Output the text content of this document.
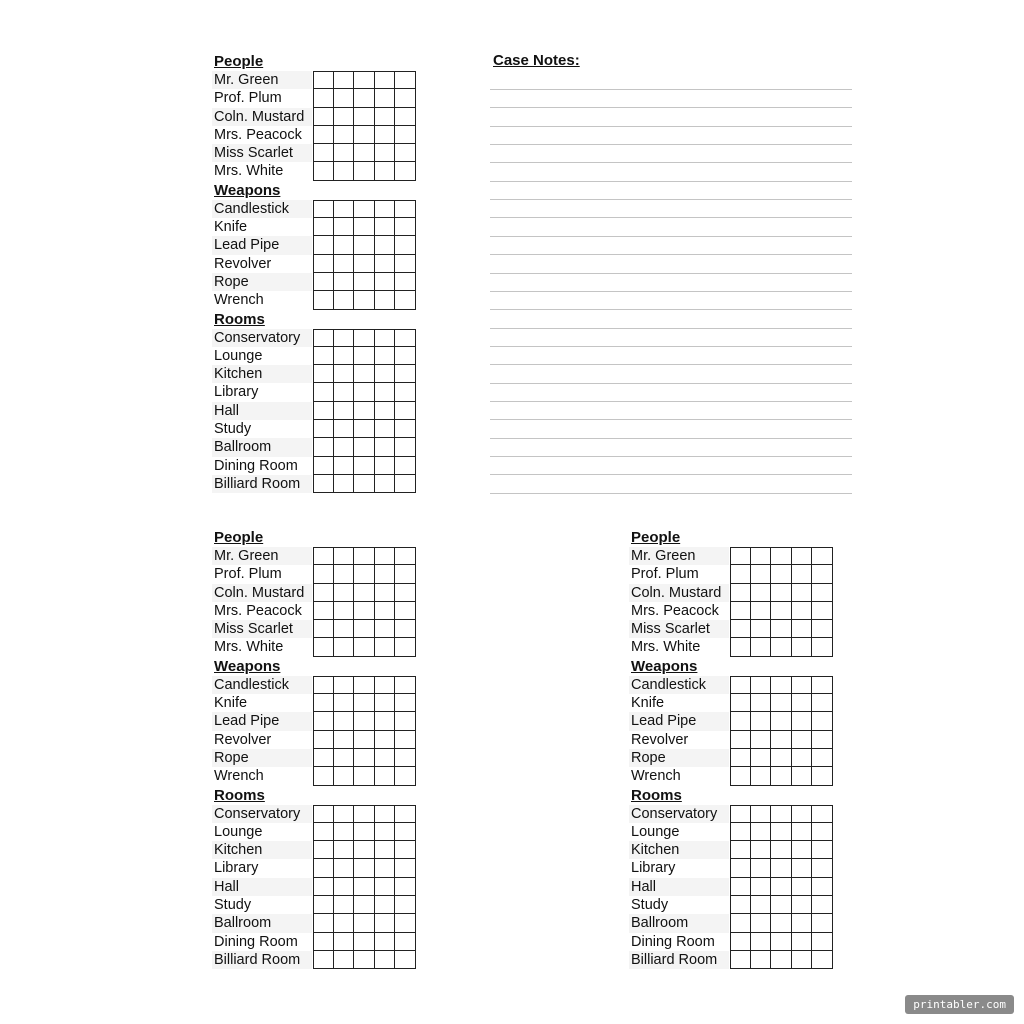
People
Mr. Green
Prof. Plum
Coln. Mustard
Mrs. Peacock
Miss Scarlet
Mrs. White
Weapons
Candlestick
Knife
Lead Pipe
Revolver
Rope
Wrench
Rooms
Conservatory
Lounge
Kitchen
Library
Hall
Study
Ballroom
Dining Room
Billiard Room
People
Mr. Green
Prof. Plum
Coln. Mustard
Mrs. Peacock
Miss Scarlet
Mrs. White
Weapons
Candlestick
Knife
Lead Pipe
Revolver
Rope
Wrench
Rooms
Conservatory
Lounge
Kitchen
Library
Hall
Study
Ballroom
Dining Room
Billiard Room
People
Mr. Green
Prof. Plum
Coln. Mustard
Mrs. Peacock
Miss Scarlet
Mrs. White
Weapons
Candlestick
Knife
Lead Pipe
Revolver
Rope
Wrench
Rooms
Conservatory
Lounge
Kitchen
Library
Hall
Study
Ballroom
Dining Room
Billiard Room
Case Notes:
printabler.com
